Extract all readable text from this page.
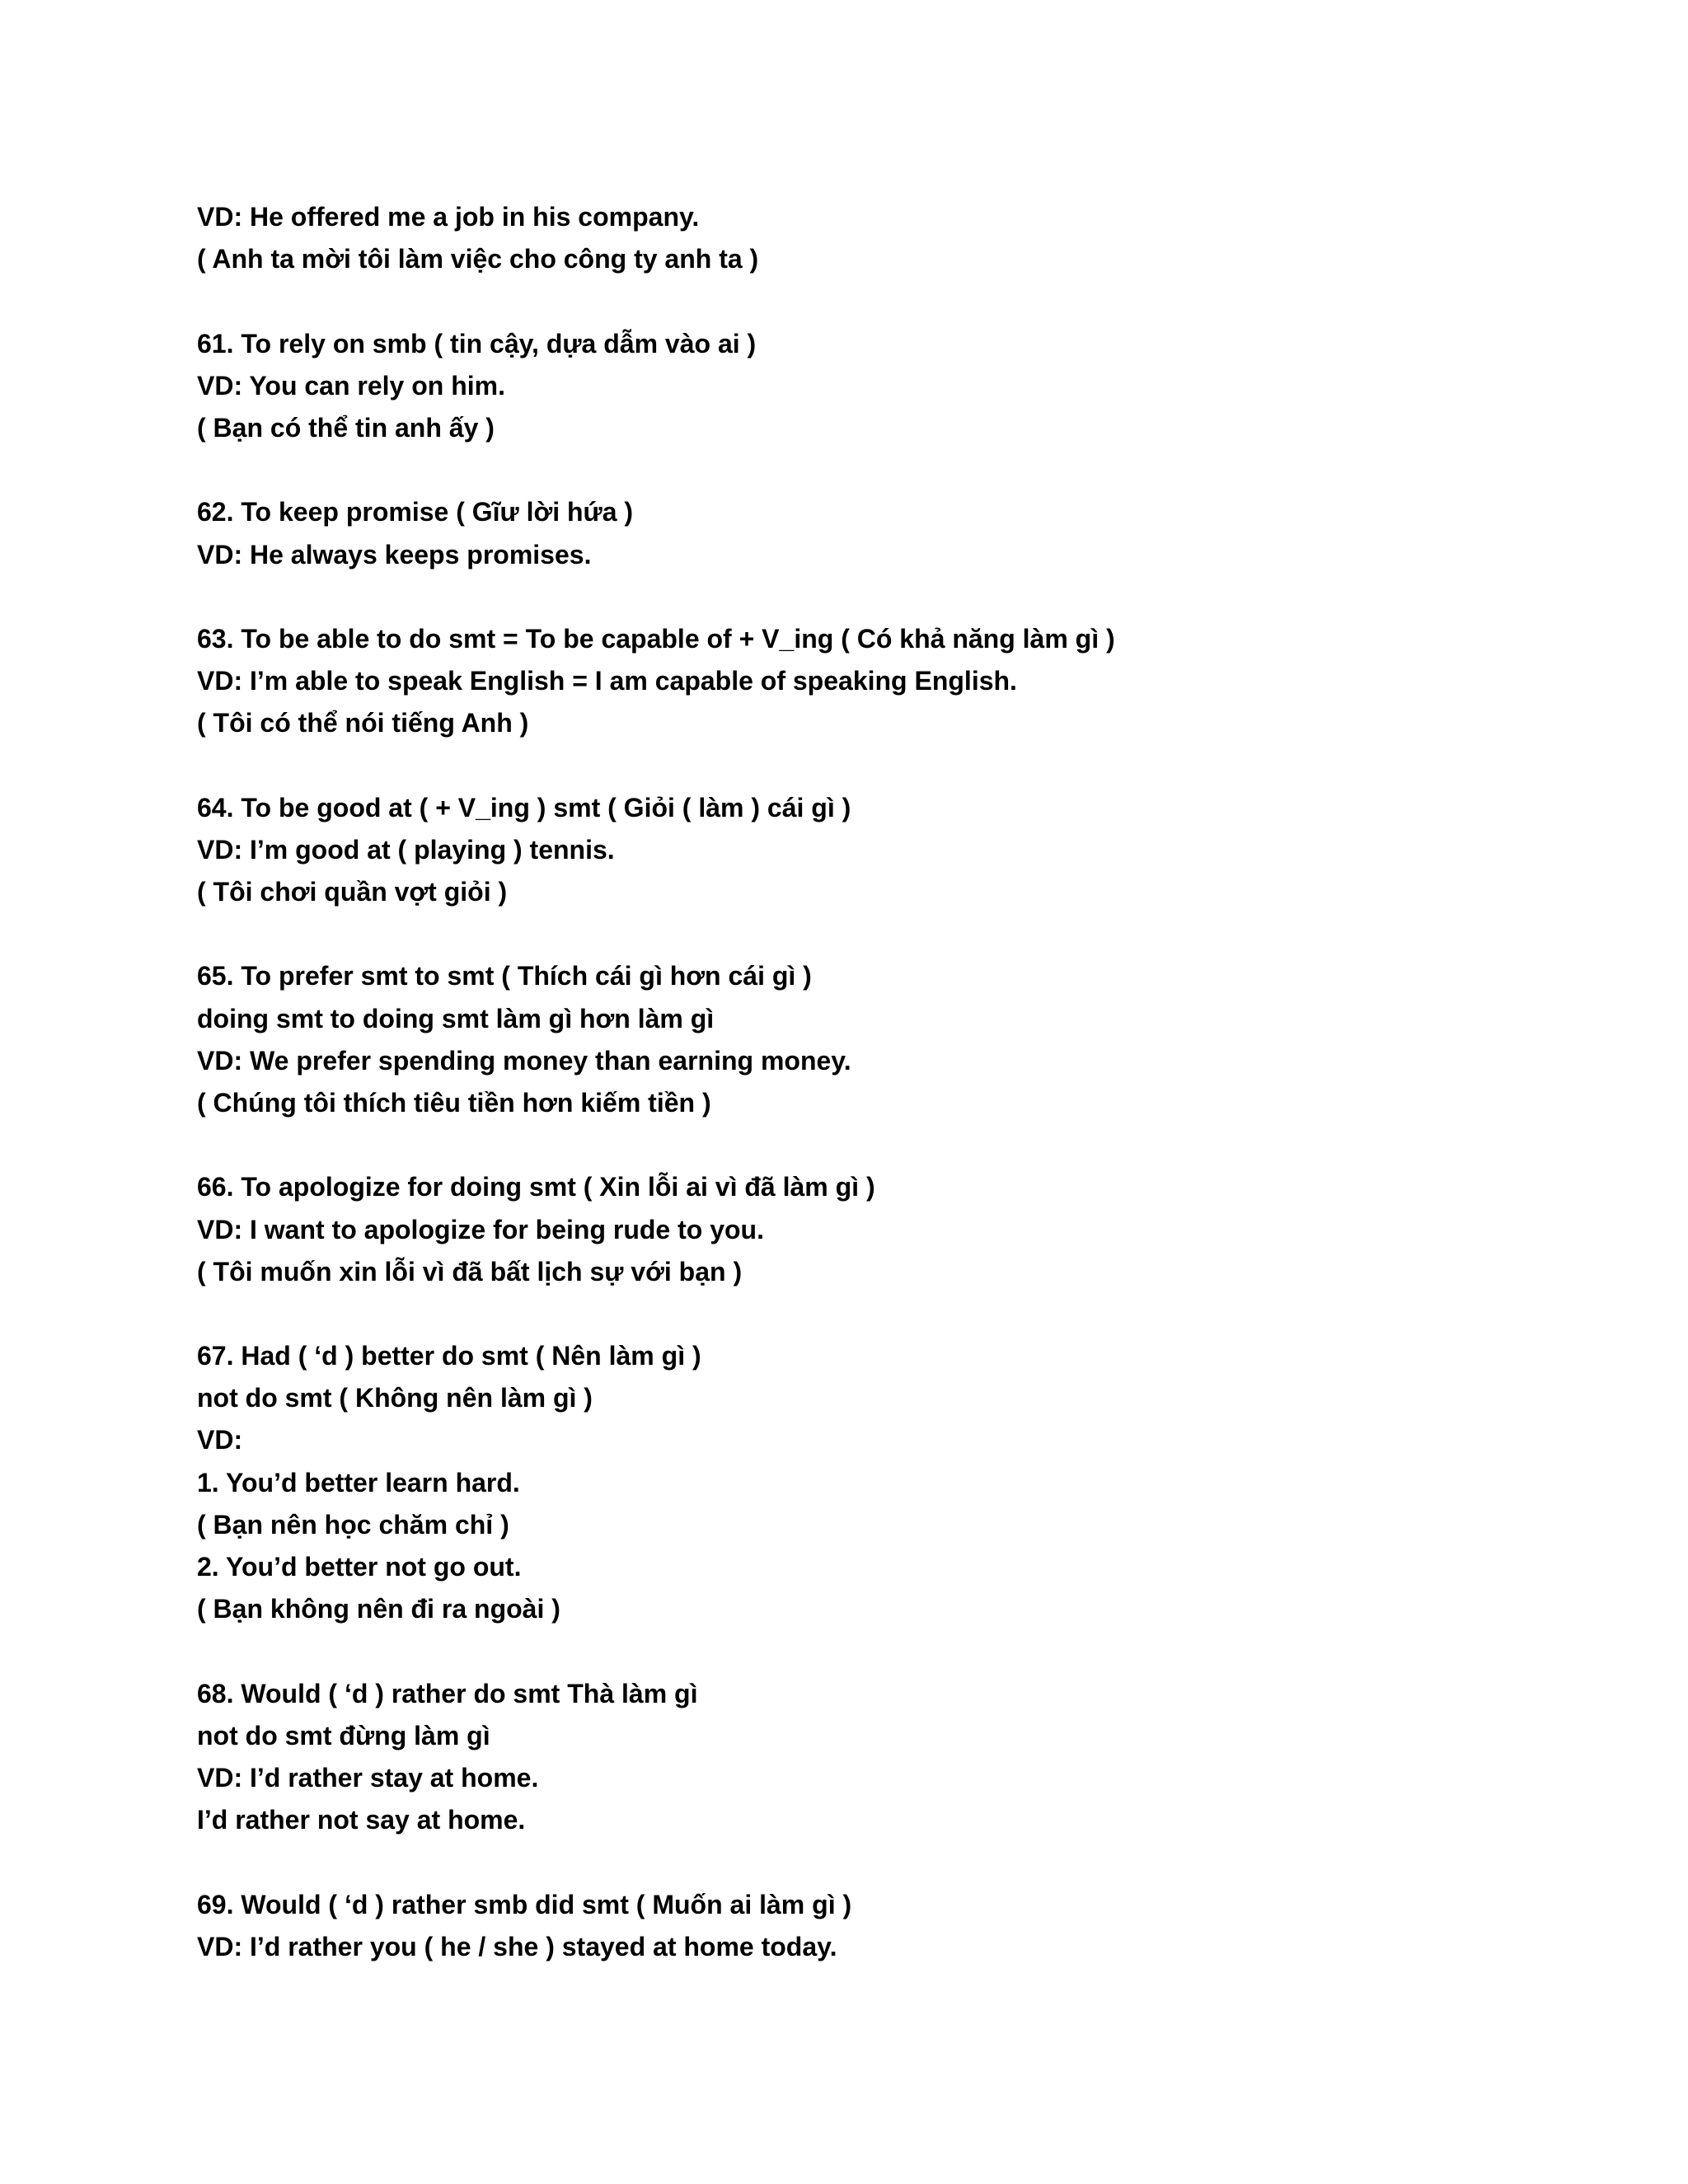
VD: He offered me a job in his company.
( Anh ta mời tôi làm việc cho công ty anh ta )
61. To rely on smb ( tin cậy, dựa dẫm vào ai )
VD: You can rely on him.
( Bạn có thể tin anh ấy )
62. To keep promise ( Gĩư lời hứa )
VD: He always keeps promises.
63. To be able to do smt = To be capable of + V_ing ( Có khả năng làm gì )
VD: I’m able to speak English = I am capable of speaking English.
( Tôi có thể nói tiếng Anh )
64. To be good at ( + V_ing ) smt ( Giỏi ( làm ) cái gì )
VD: I’m good at ( playing ) tennis.
( Tôi chơi quần vợt giỏi )
65. To prefer smt to smt ( Thích cái gì hơn cái gì )
doing smt to doing smt làm gì hơn làm gì
VD: We prefer spending money than earning money.
( Chúng tôi thích tiêu tiền hơn kiếm tiền )
66. To apologize for doing smt ( Xin lỗi ai vì đã làm gì )
VD: I want to apologize for being rude to you.
( Tôi muốn xin lỗi vì đã bất lịch sự với bạn )
67. Had ( ‘d ) better do smt ( Nên làm gì )
not do smt ( Không nên làm gì )
VD:
1. You’d better learn hard.
( Bạn nên học chăm chỉ )
2. You’d better not go out.
( Bạn không nên đi ra ngoài )
68. Would ( ‘d ) rather do smt Thà làm gì
not do smt đừng làm gì
VD: I’d rather stay at home.
I’d rather not say at home.
69. Would ( ‘d ) rather smb did smt ( Muốn ai làm gì )
VD: I’d rather you ( he / she ) stayed at home today.
